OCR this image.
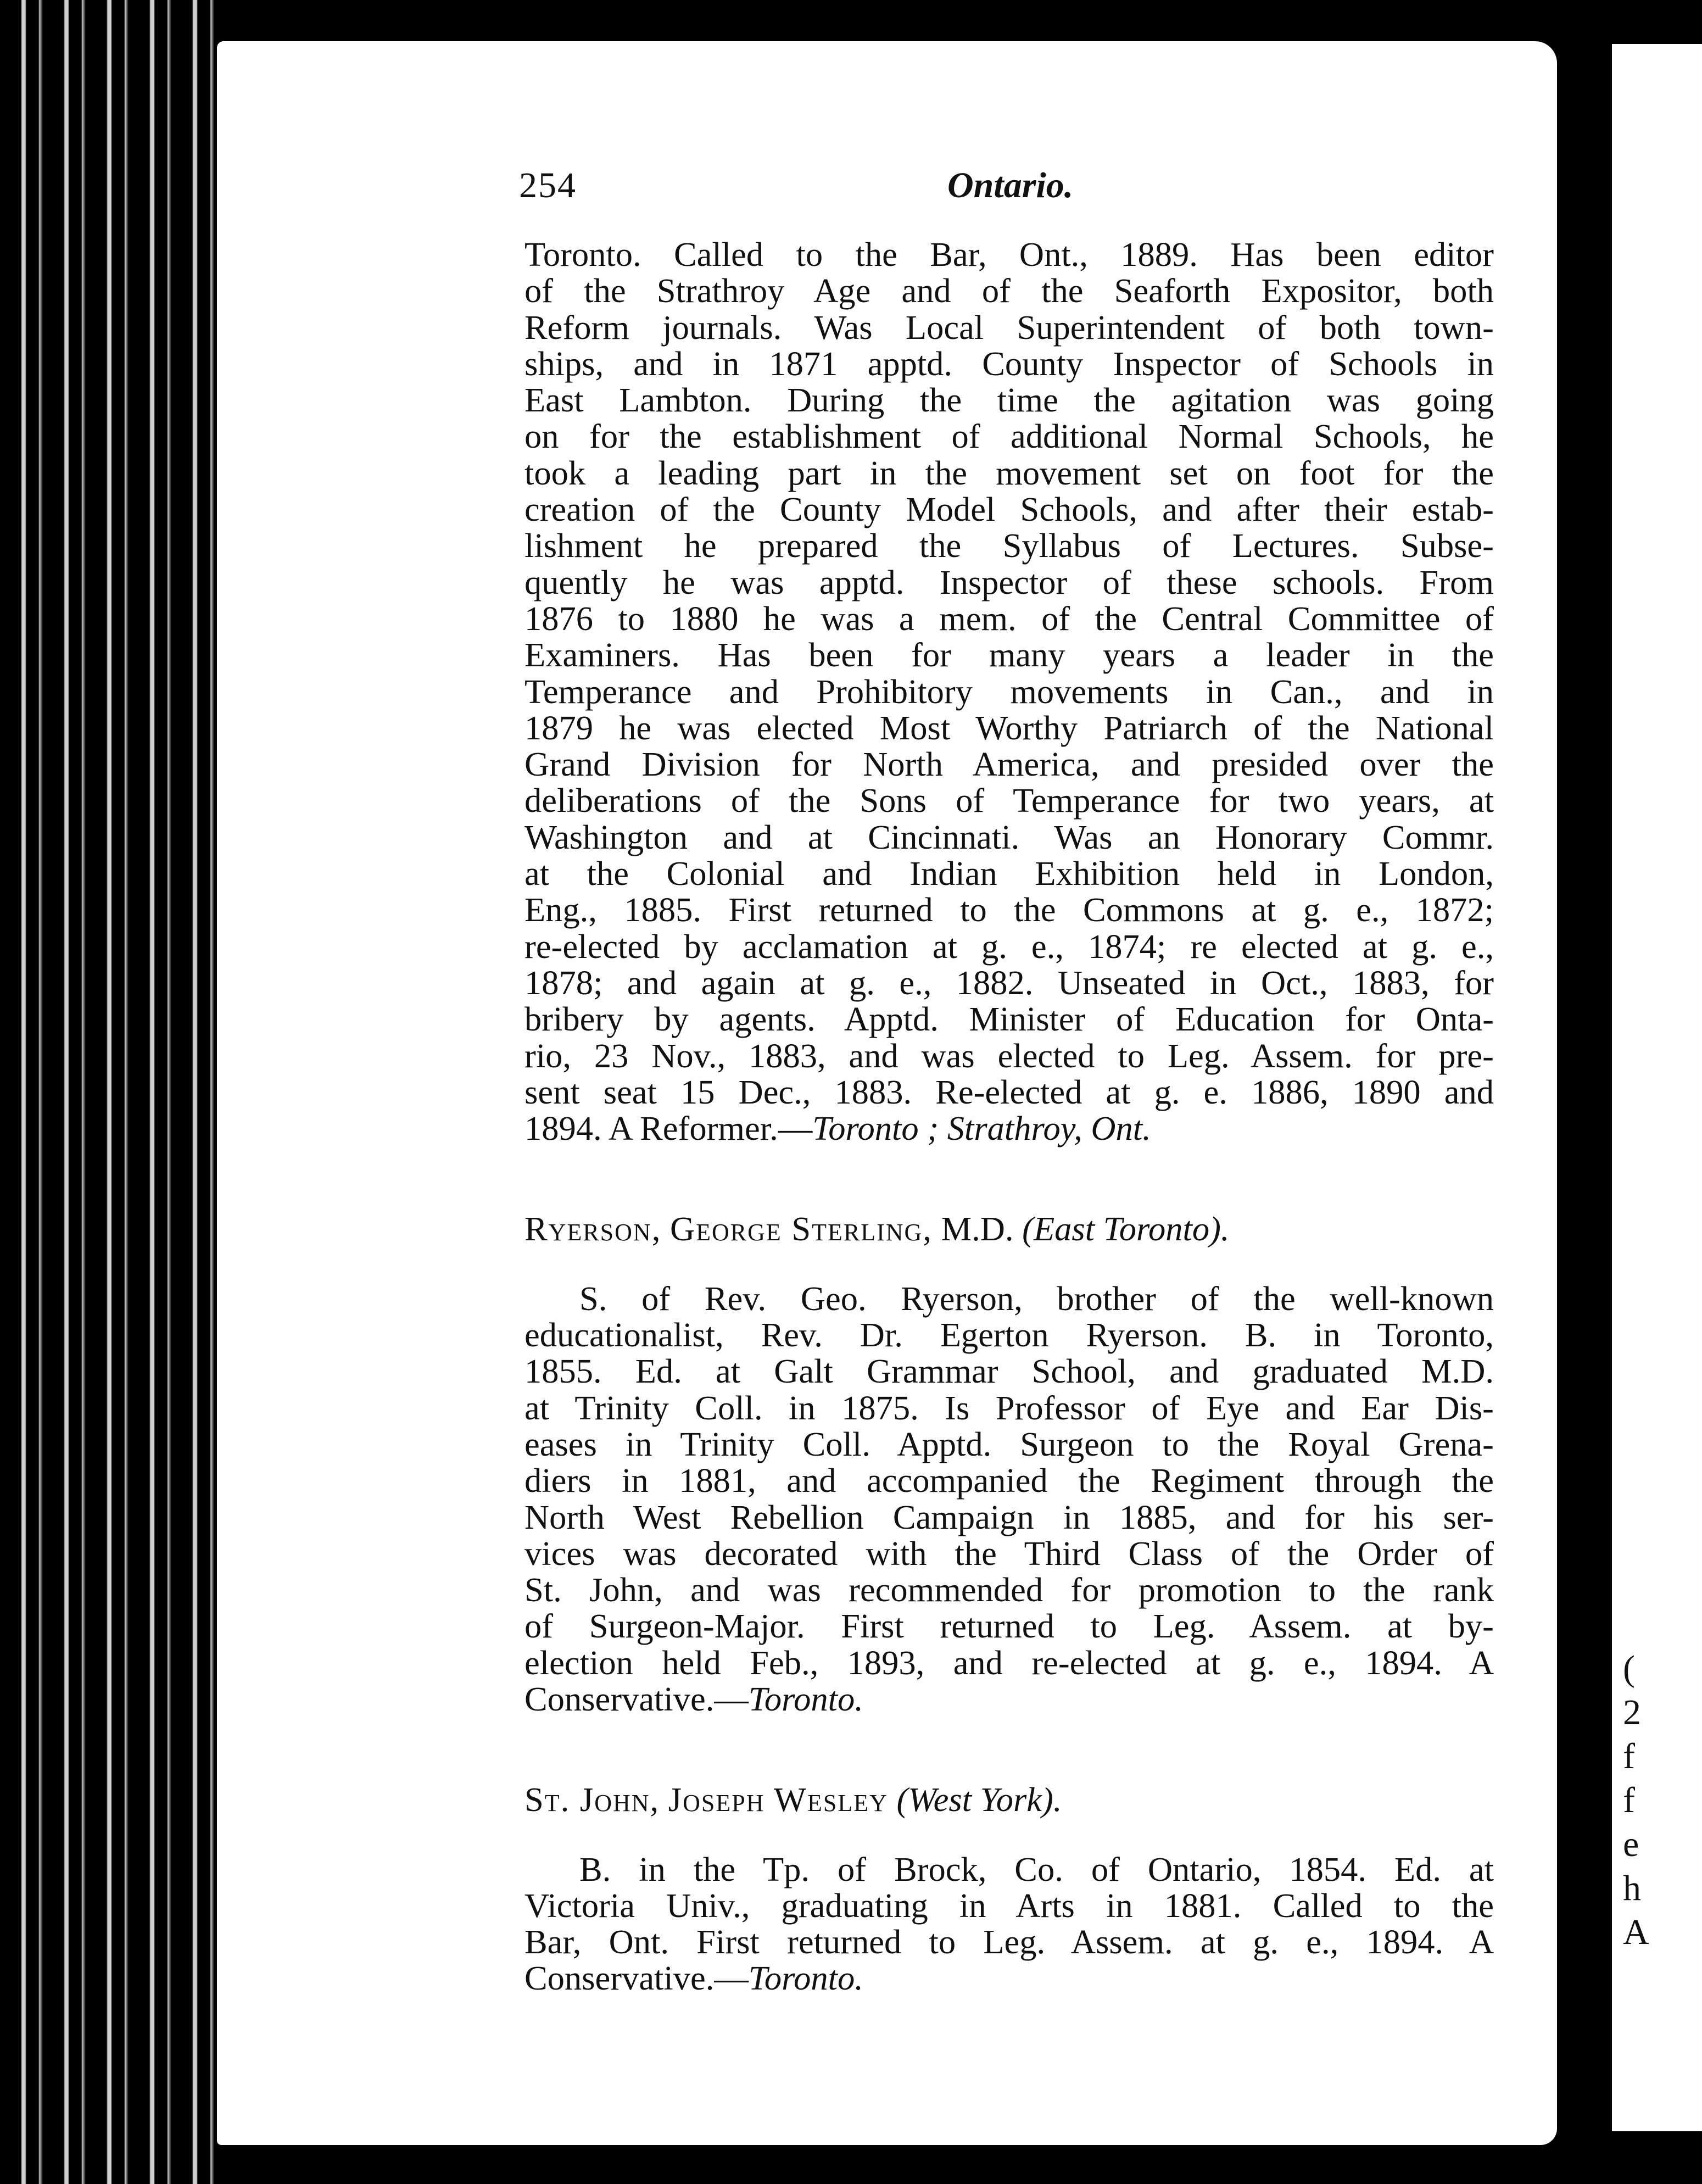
(
2
f
f
e
h
A
254	Ontario.
Toronto. Called to the Bar, Ont., 1889. Has been editor
of the Strathroy Age and of the Seaforth Expositor, both
Reform journals. Was Local Superintendent of both town-
ships, and in 1871 apptd. County Inspector of Schools in
East Lambton. During the time the agitation was going
on for the establishment of additional Normal Schools, he
took a leading part in the movement set on foot for the
creation of the County Model Schools, and after their estab-
lishment he prepared the Syllabus of Lectures. Subse-
quently he was apptd. Inspector of these schools. From
1876 to 1880 he was a mem. of the Central Committee of
Examiners. Has been for many years a leader in the
Temperance and Prohibitory movements in Can., and in
1879 he was elected Most Worthy Patriarch of the National
Grand Division for North America, and presided over the
deliberations of the Sons of Temperance for two years, at
Washington and at Cincinnati. Was an Honorary Commr.
at the Colonial and Indian Exhibition held in London,
Eng., 1885. First returned to the Commons at g. e., 1872;
re-elected by acclamation at g. e., 1874; re elected at g. e.,
1878; and again at g. e., 1882. Unseated in Oct., 1883, for
bribery by agents. Apptd. Minister of Education for Onta-
rio, 23 Nov., 1883, and was elected to Leg. Assem. for pre-
sent seat 15 Dec., 1883. Re-elected at g. e. 1886, 1890 and
1894. A Reformer.—Toronto ; Strathroy, Ont.
Ryerson, George Sterling, M.D. (East Toronto).
S. of Rev. Geo. Ryerson, brother of the well-known
educationalist, Rev. Dr. Egerton Ryerson. B. in Toronto,
1855. Ed. at Galt Grammar School, and graduated M.D.
at Trinity Coll. in 1875. Is Professor of Eye and Ear Dis-
eases in Trinity Coll. Apptd. Surgeon to the Royal Grena-
diers in 1881, and accompanied the Regiment through the
North West Rebellion Campaign in 1885, and for his ser-
vices was decorated with the Third Class of the Order of
St. John, and was recommended for promotion to the rank
of Surgeon-Major. First returned to Leg. Assem. at by-
election held Feb., 1893, and re-elected at g. e., 1894. A
Conservative.—Toronto.
St. John, Joseph Wesley (West York).
B. in the Tp. of Brock, Co. of Ontario, 1854. Ed. at
Victoria Univ., graduating in Arts in 1881. Called to the
Bar, Ont. First returned to Leg. Assem. at g. e., 1894. A
Conservative.—Toronto.
